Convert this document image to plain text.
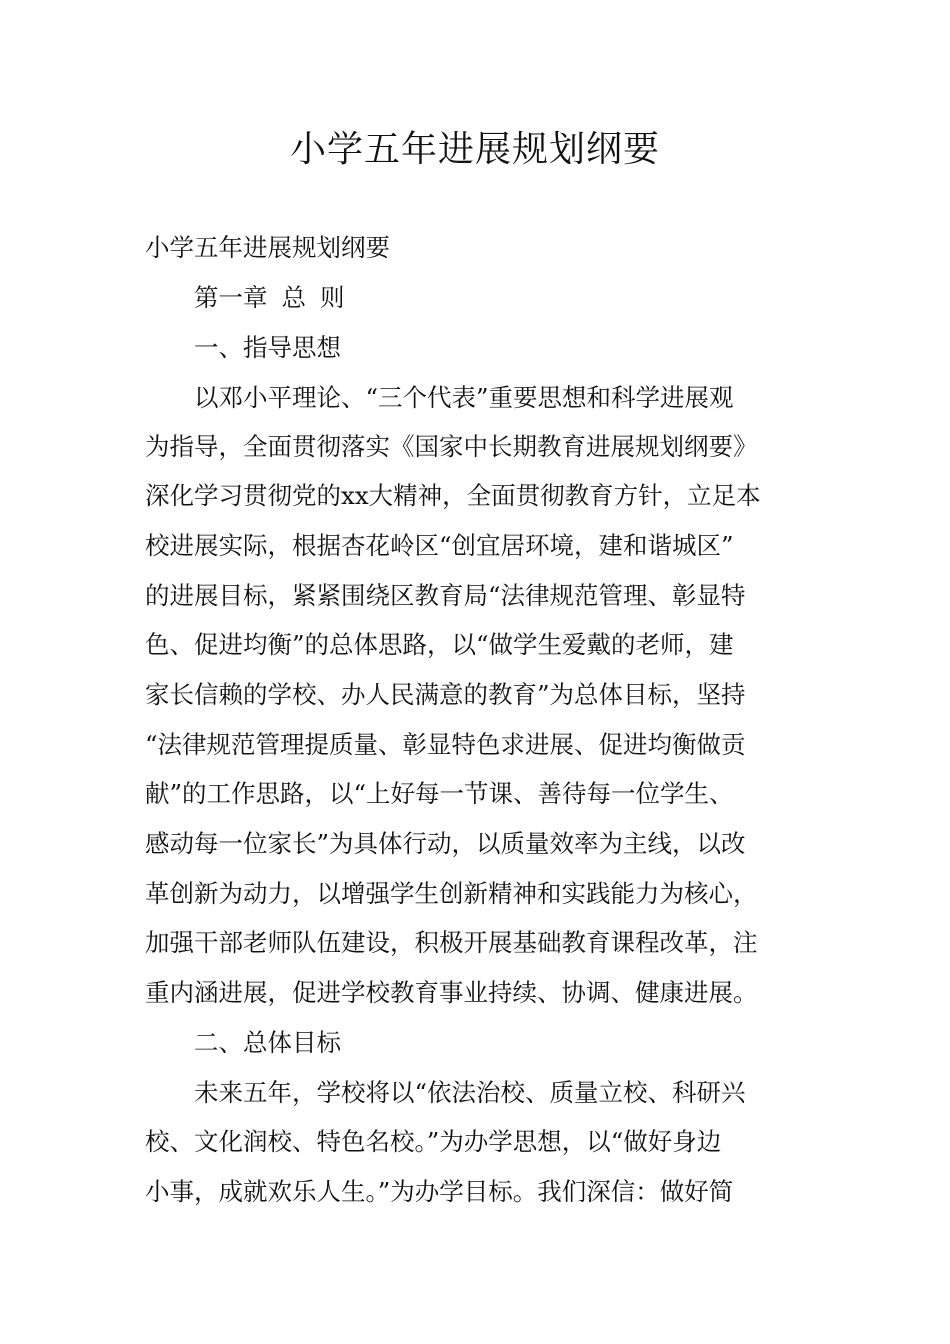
小学五年进展规划纲要

小学五年进展规划纲要

第一章 总 则

一、指导思想

以邓小平理论、“三个代表”重要思想和科学进展观

为指导，全面贯彻落实《国家中长期教育进展规划纲要》

深化学习贯彻党的xx大精神，全面贯彻教育方针，立足本

校进展实际，根据杏花岭区“创宜居环境，建和谐城区”

的进展目标，紧紧围绕区教育局“法律规范管理、彰显特

色、促进均衡”的总体思路，以“做学生爱戴的老师，建

家长信赖的学校、办人民满意的教育”为总体目标，坚持

“法律规范管理提质量、彰显特色求进展、促进均衡做贡

献”的工作思路，以“上好每一节课、善待每一位学生、

感动每一位家长”为具体行动，以质量效率为主线，以改

革创新为动力，以增强学生创新精神和实践能力为核心，

加强干部老师队伍建设，积极开展基础教育课程改革，注

重内涵进展，促进学校教育事业持续、协调、健康进展。

二、总体目标

未来五年，学校将以“依法治校、质量立校、科研兴

校、文化润校、特色名校。”为办学思想，以“做好身边

小事，成就欢乐人生。”为办学目标。我们深信：做好简
